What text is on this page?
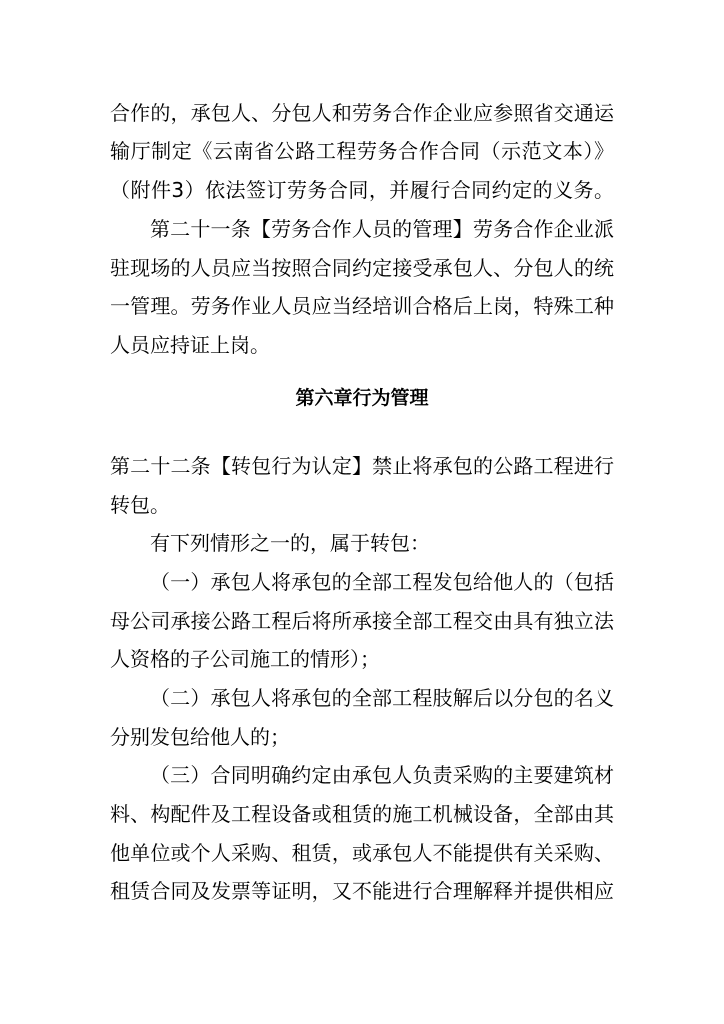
合作的，承包人、分包人和劳务合作企业应参照省交通运
输厅制定《云南省公路工程劳务合作合同（示范文本）》
（附件3）依法签订劳务合同，并履行合同约定的义务。
第二十一条【劳务合作人员的管理】劳务合作企业派
驻现场的人员应当按照合同约定接受承包人、分包人的统
一管理。劳务作业人员应当经培训合格后上岗，特殊工种
人员应持证上岗。
第六章行为管理
第二十二条【转包行为认定】禁止将承包的公路工程进行
转包。
有下列情形之一的，属于转包：
（一）承包人将承包的全部工程发包给他人的（包括
母公司承接公路工程后将所承接全部工程交由具有独立法
人资格的子公司施工的情形）；
（二）承包人将承包的全部工程肢解后以分包的名义
分别发包给他人的；
（三）合同明确约定由承包人负责采购的主要建筑材
料、构配件及工程设备或租赁的施工机械设备，全部由其
他单位或个人采购、租赁，或承包人不能提供有关采购、
租赁合同及发票等证明，又不能进行合理解释并提供相应
